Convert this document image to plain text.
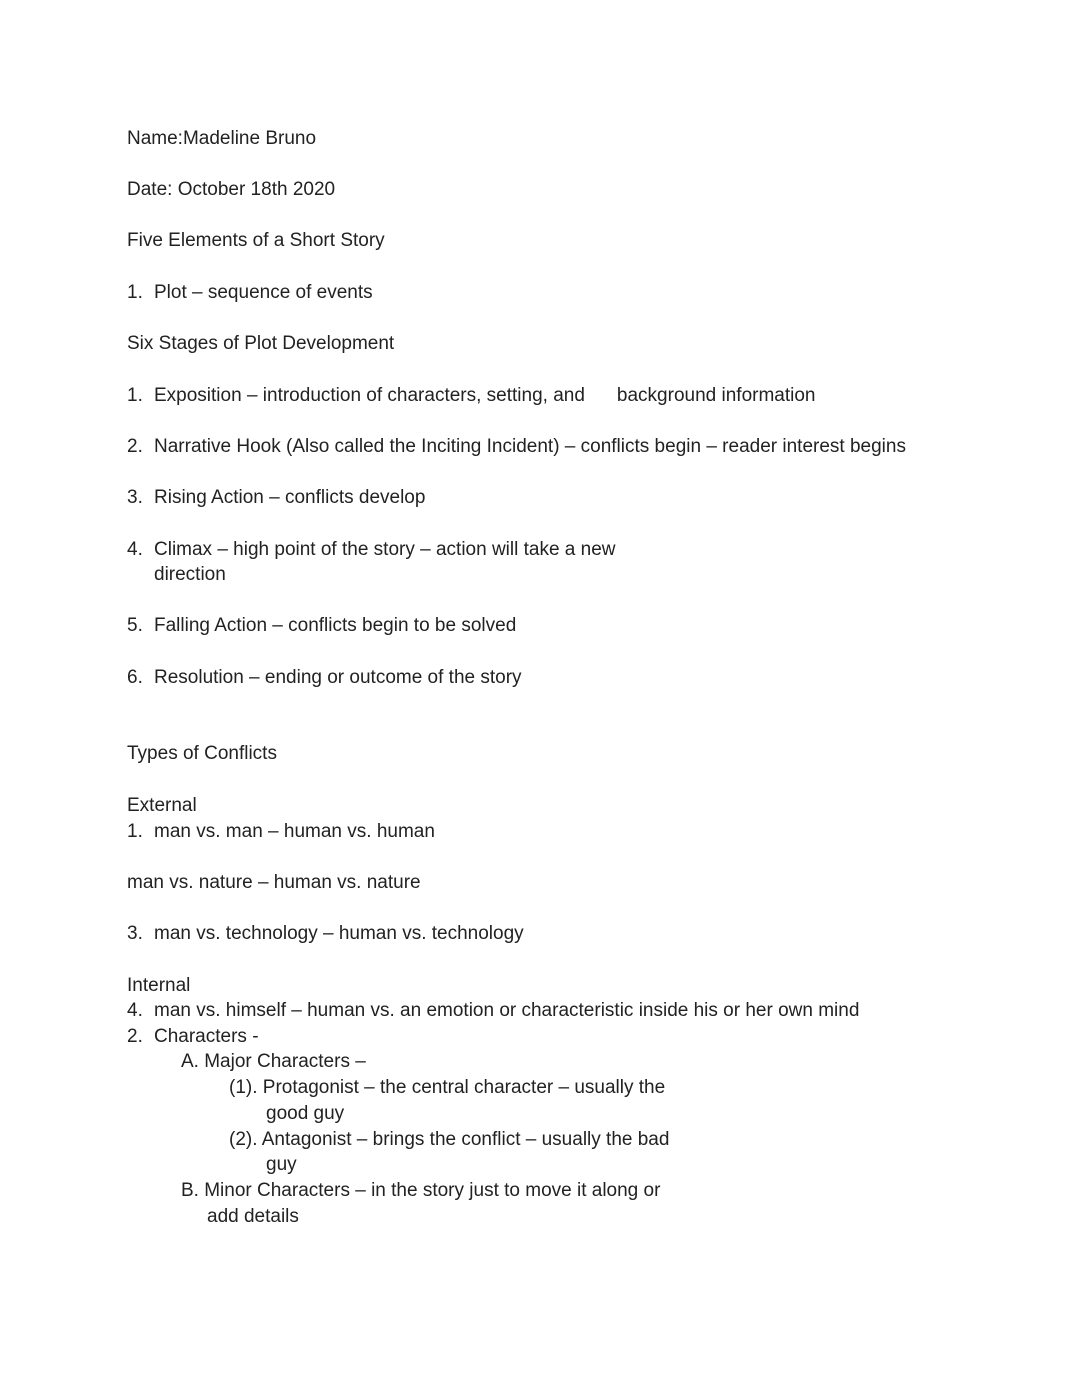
Name:Madeline Bruno
Date: October 18th 2020
Five Elements of a Short Story
1. Plot – sequence of events
Six Stages of Plot Development
1. Exposition – introduction of characters, setting, and background information
2. Narrative Hook (Also called the Inciting Incident) – conflicts begin – reader interest begins
3. Rising Action – conflicts develop
4. Climax – high point of the story – action will take a new
direction
5. Falling Action – conflicts begin to be solved
6. Resolution – ending or outcome of the story
Types of Conflicts
External
1. man vs. man – human vs. human
man vs. nature – human vs. nature
3. man vs. technology – human vs. technology
Internal
4. man vs. himself – human vs. an emotion or characteristic inside his or her own mind
2. Characters -
A. Major Characters –
(1). Protagonist – the central character – usually the
good guy
(2). Antagonist – brings the conflict – usually the bad
guy
B. Minor Characters – in the story just to move it along or
add details
